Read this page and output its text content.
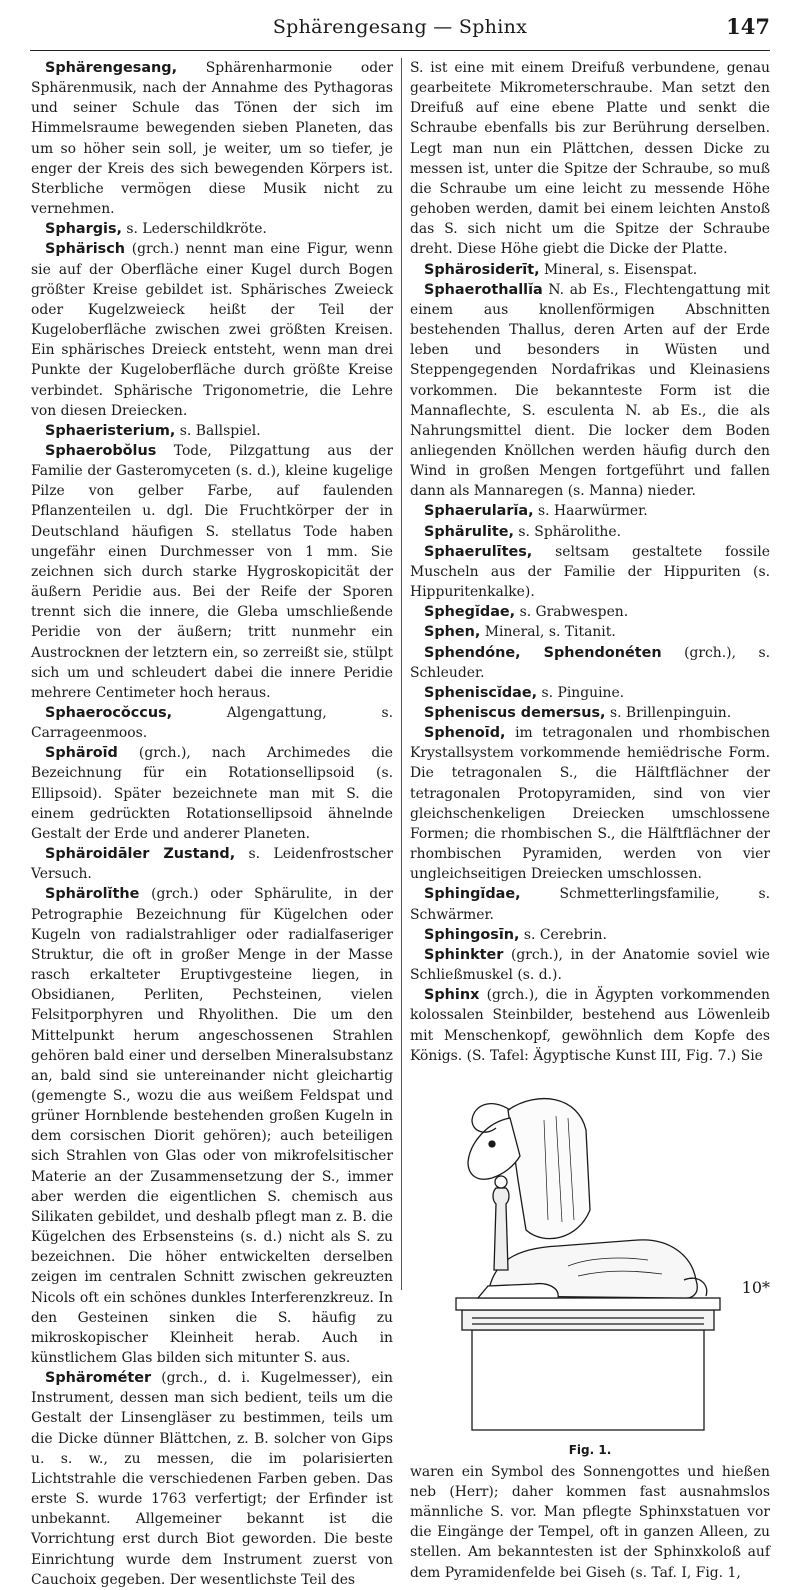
Sphärengesang — Sphinx	147

Sphärengesang, Sphärenharmonie oder Sphärenmusik, nach der Annahme des Pythagoras und seiner Schule das Tönen der sich im Himmelsraume bewegenden sieben Planeten, das um so höher sein soll, je weiter, um so tiefer, je enger der Kreis des sich bewegenden Körpers ist. Sterbliche vermögen diese Musik nicht zu vernehmen.

Sphargis, s. Lederschildkröte.

Sphärisch (grch.) nennt man eine Figur, wenn sie auf der Oberfläche einer Kugel durch Bogen größter Kreise gebildet ist. Sphärisches Zweieck oder Kugelzweieck heißt der Teil der Kugeloberfläche zwischen zwei größten Kreisen. Ein sphärisches Dreieck entsteht, wenn man drei Punkte der Kugeloberfläche durch größte Kreise verbindet. Sphärische Trigonometrie, die Lehre von diesen Dreiecken.

Sphaeristerium, s. Ballspiel.

Sphaerobŏlus Tode, Pilzgattung aus der Familie der Gasteromyceten (s. d.), kleine kugelige Pilze von gelber Farbe, auf faulenden Pflanzenteilen u. dgl. Die Fruchtkörper der in Deutschland häufigen S. stellatus Tode haben ungefähr einen Durchmesser von 1 mm. Sie zeichnen sich durch starke Hygroskopicität der äußern Peridie aus. Bei der Reife der Sporen trennt sich die innere, die Gleba umschließende Peridie von der äußern; tritt nunmehr ein Austrocknen der letztern ein, so zerreißt sie, stülpt sich um und schleudert dabei die innere Peridie mehrere Centimeter hoch heraus.

Sphaerocŏccus, Algengattung, s. Carrageenmoos.

Sphäroīd (grch.), nach Archimedes die Bezeichnung für ein Rotationsellipsoid (s. Ellipsoid). Später bezeichnete man mit S. die einem gedrückten Rotationsellipsoid ähnelnde Gestalt der Erde und anderer Planeten.

Sphäroidāler Zustand, s. Leidenfrostscher Versuch.

Sphärolĭthe (grch.) oder Sphärulite, in der Petrographie Bezeichnung für Kügelchen oder Kugeln von radialstrahliger oder radialfaseriger Struktur, die oft in großer Menge in der Masse rasch erkalteter Eruptivgesteine liegen, in Obsidianen, Perliten, Pechsteinen, vielen Felsitporphyren und Rhyolithen. Die um den Mittelpunkt herum angeschossenen Strahlen gehören bald einer und derselben Mineralsubstanz an, bald sind sie untereinander nicht gleichartig (gemengte S., wozu die aus weißem Feldspat und grüner Hornblende bestehenden großen Kugeln in dem corsischen Diorit gehören); auch beteiligen sich Strahlen von Glas oder von mikrofelsitischer Materie an der Zusammensetzung der S., immer aber werden die eigentlichen S. chemisch aus Silikaten gebildet, und deshalb pflegt man z. B. die Kügelchen des Erbsensteins (s. d.) nicht als S. zu bezeichnen. Die höher entwickelten derselben zeigen im centralen Schnitt zwischen gekreuzten Nicols oft ein schönes dunkles Interferenzkreuz. In den Gesteinen sinken die S. häufig zu mikroskopischer Kleinheit herab. Auch in künstlichem Glas bilden sich mitunter S. aus.

Sphärométer (grch., d. i. Kugelmesser), ein Instrument, dessen man sich bedient, teils um die Gestalt der Linsengläser zu bestimmen, teils um die Dicke dünner Blättchen, z. B. solcher von Gips u. s. w., zu messen, die im polarisierten Lichtstrahle die verschiedenen Farben geben. Das erste S. wurde 1763 verfertigt; der Erfinder ist unbekannt. Allgemeiner bekannt ist die Vorrichtung erst durch Biot geworden. Die beste Einrichtung wurde dem Instrument zuerst von Cauchoix gegeben. Der wesentlichste Teil des

S. ist eine mit einem Dreifuß verbundene, genau gearbeitete Mikrometerschraube. Man setzt den Dreifuß auf eine ebene Platte und senkt die Schraube ebenfalls bis zur Berührung derselben. Legt man nun ein Plättchen, dessen Dicke zu messen ist, unter die Spitze der Schraube, so muß die Schraube um eine leicht zu messende Höhe gehoben werden, damit bei einem leichten Anstoß das S. sich nicht um die Spitze der Schraube dreht. Diese Höhe giebt die Dicke der Platte.

Sphärosiderīt, Mineral, s. Eisenspat.

Sphaerothallĭa N. ab Es., Flechtengattung mit einem aus knollenförmigen Abschnitten bestehenden Thallus, deren Arten auf der Erde leben und besonders in Wüsten und Steppengegenden Nordafrikas und Kleinasiens vorkommen. Die bekannteste Form ist die Mannaflechte, S. esculenta N. ab Es., die als Nahrungsmittel dient. Die locker dem Boden anliegenden Knöllchen werden häufig durch den Wind in großen Mengen fortgeführt und fallen dann als Mannaregen (s. Manna) nieder.

Sphaerularĭa, s. Haarwürmer.

Sphärulite, s. Sphärolithe.

Sphaerulītes, seltsam gestaltete fossile Muscheln aus der Familie der Hippuriten (s. Hippuritenkalke).

Sphegĭdae, s. Grabwespen.

Sphen, Mineral, s. Titanit.

Sphendóne, Sphendonéten (grch.), s. Schleuder.

Spheniscĭdae, s. Pinguine.

Spheniscus demersus, s. Brillenpinguin.

Sphenoīd, im tetragonalen und rhombischen Krystallsystem vorkommende hemiëdrische Form. Die tetragonalen S., die Hälftflächner der tetragonalen Protopyramiden, sind von vier gleichschenkeligen Dreiecken umschlossene Formen; die rhombischen S., die Hälftflächner der rhombischen Pyramiden, werden von vier ungleichseitigen Dreiecken umschlossen.

Sphingĭdae, Schmetterlingsfamilie, s. Schwärmer.

Sphingosīn, s. Cerebrin.

Sphinkter (grch.), in der Anatomie soviel wie Schließmuskel (s. d.).

Sphinx (grch.), die in Ägypten vorkommenden kolossalen Steinbilder, bestehend aus Löwenleib mit Menschenkopf, gewöhnlich dem Kopfe des Königs. (S. Tafel: Ägyptische Kunst III, Fig. 7.) Sie

Fig. 1.

waren ein Symbol des Sonnengottes und hießen neb (Herr); daher kommen fast ausnahmslos männliche S. vor. Man pflegte Sphinxstatuen vor die Eingänge der Tempel, oft in ganzen Alleen, zu stellen. Am bekanntesten ist der Sphinxkoloß auf dem Pyramidenfelde bei Giseh (s. Taf. I, Fig. 1,

10*
